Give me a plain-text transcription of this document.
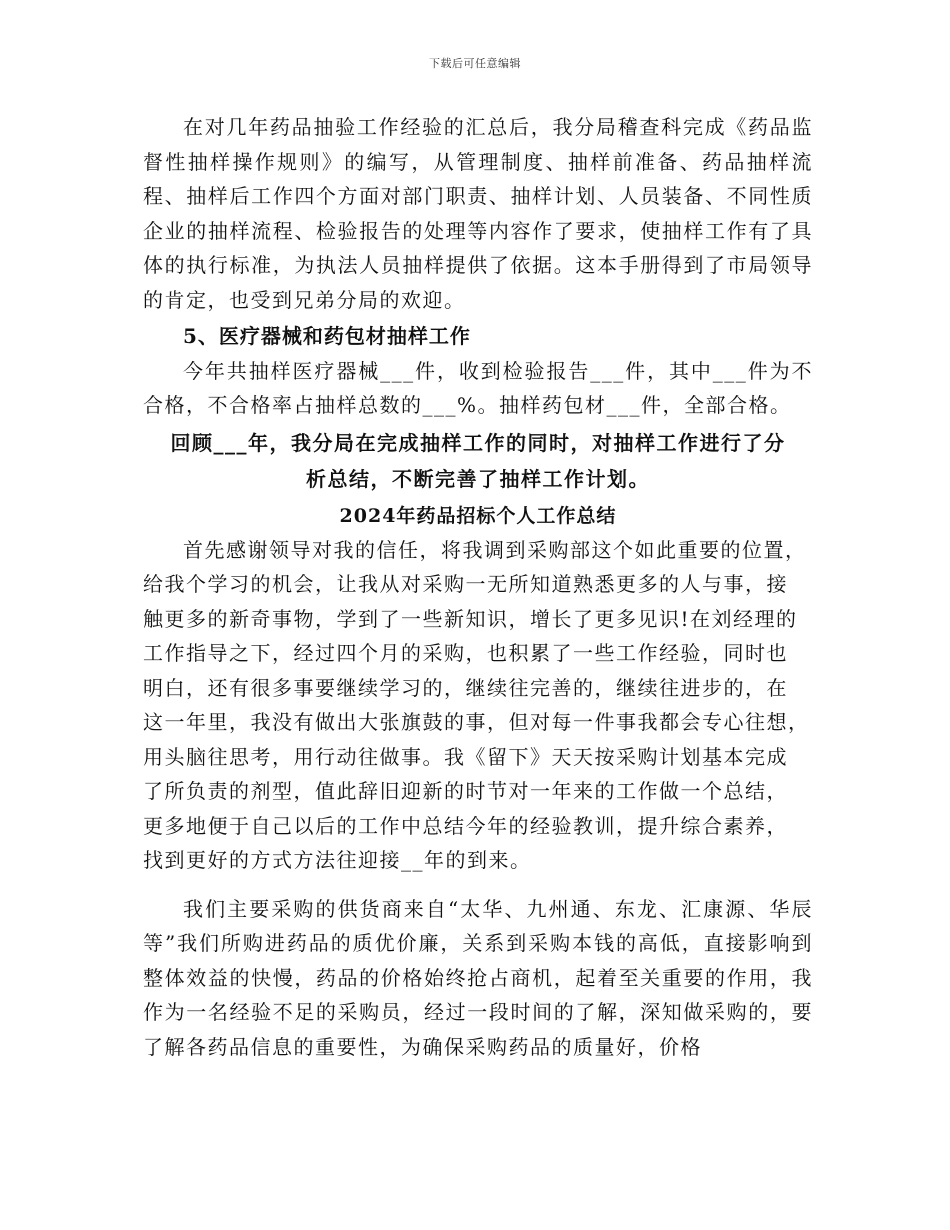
下载后可任意编辑

在对几年药品抽验工作经验的汇总后，我分局稽查科完成《药品监督性抽样操作规则》的编写，从管理制度、抽样前准备、药品抽样流程、抽样后工作四个方面对部门职责、抽样计划、人员装备、不同性质企业的抽样流程、检验报告的处理等内容作了要求，使抽样工作有了具体的执行标准，为执法人员抽样提供了依据。这本手册得到了市局领导的肯定，也受到兄弟分局的欢迎。

5、医疗器械和药包材抽样工作

今年共抽样医疗器械___件，收到检验报告___件，其中___件为不合格，不合格率占抽样总数的___%。抽样药包材___件，全部合格。

回顾___年，我分局在完成抽样工作的同时，对抽样工作进行了分
析总结，不断完善了抽样工作计划。

2024年药品招标个人工作总结

首先感谢领导对我的信任，将我调到采购部这个如此重要的位置，
给我个学习的机会，让我从对采购一无所知道熟悉更多的人与事，接
触更多的新奇事物，学到了一些新知识，增长了更多见识!在刘经理的
工作指导之下，经过四个月的采购，也积累了一些工作经验，同时也
明白，还有很多事要继续学习的，继续往完善的，继续往进步的，在
这一年里，我没有做出大张旗鼓的事，但对每一件事我都会专心往想，
用头脑往思考，用行动往做事。我《留下》天天按采购计划基本完成
了所负责的剂型，值此辞旧迎新的时节对一年来的工作做一个总结，
更多地便于自己以后的工作中总结今年的经验教训，提升综合素养，
找到更好的方式方法往迎接__年的到来。

我们主要采购的供货商来自“太华、九州通、东龙、汇康源、华辰等”我们所购进药品的质优价廉，关系到采购本钱的高低，直接影响到整体效益的快慢，药品的价格始终抢占商机，起着至关重要的作用，我作为一名经验不足的采购员，经过一段时间的了解，深知做采购的，要了解各药品信息的重要性，为确保采购药品的质量好，价格
